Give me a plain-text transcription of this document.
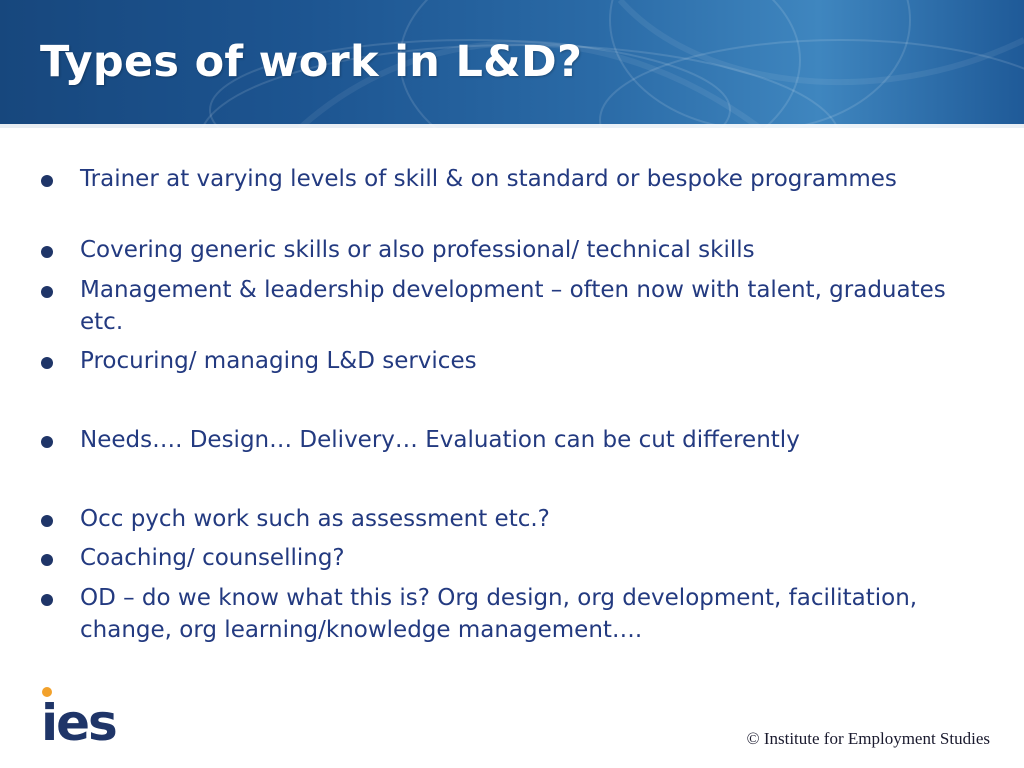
Types of work in L&D?
Trainer at varying levels of skill & on standard or bespoke programmes
Covering generic skills or also professional/ technical skills
Management & leadership development – often now with talent, graduates etc.
Procuring/ managing L&D services
Needs…. Design… Delivery… Evaluation can be cut differently
Occ pych work such as assessment etc.?
Coaching/ counselling?
OD – do we know what this is? Org design, org development, facilitation, change, org learning/knowledge management….
ies	© Institute for Employment Studies
